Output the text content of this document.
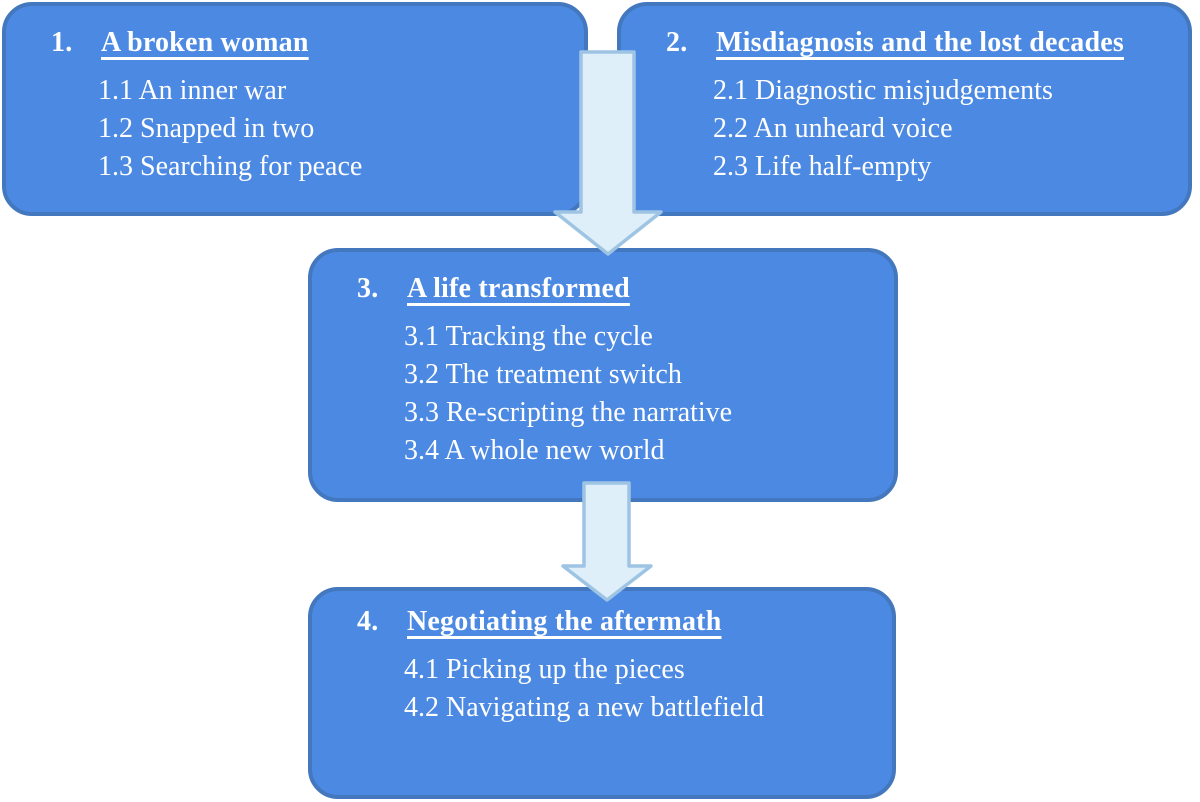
1.	A broken woman
1.1 An inner war
1.2 Snapped in two
1.3 Searching for peace
2.	Misdiagnosis and the lost decades
2.1 Diagnostic misjudgements
2.2 An unheard voice
2.3 Life half-empty
3.	A life transformed
3.1 Tracking the cycle
3.2 The treatment switch
3.3 Re-scripting the narrative
3.4 A whole new world
4.	Negotiating the aftermath
4.1 Picking up the pieces
4.2 Navigating a new battlefield
